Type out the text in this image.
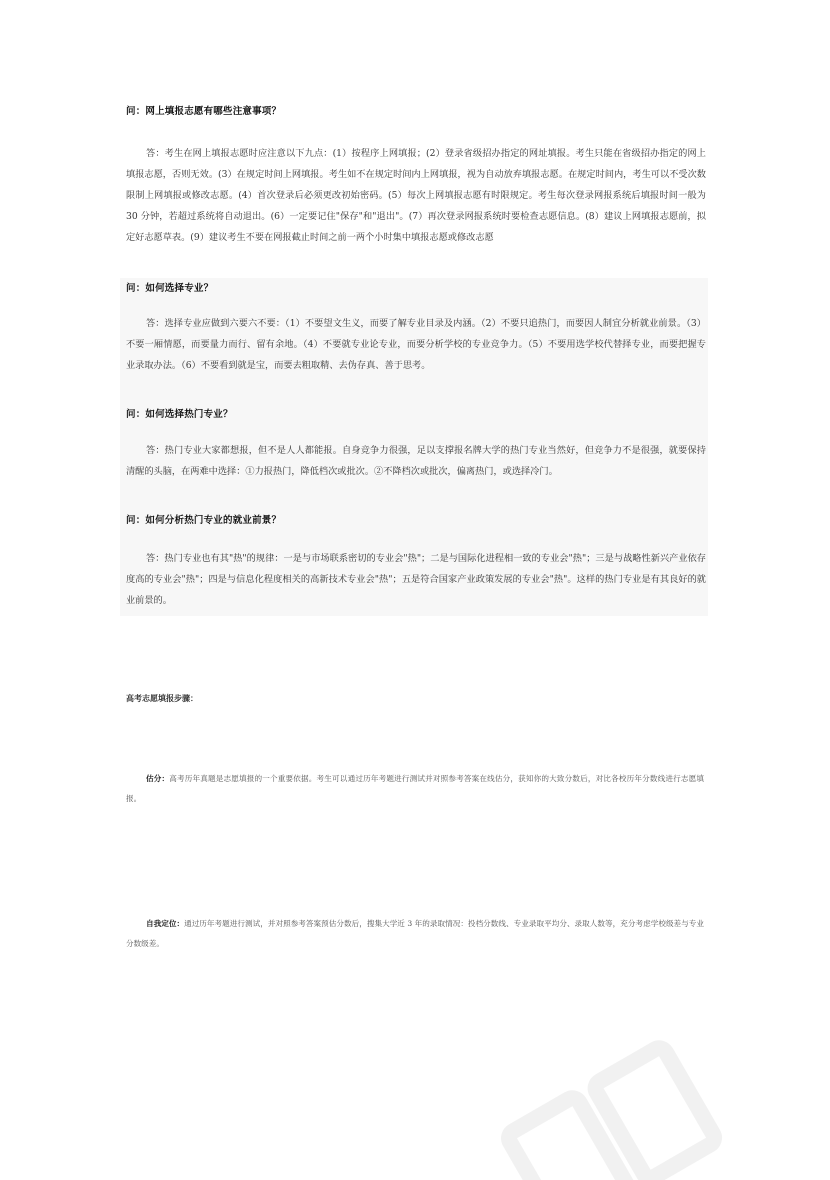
问：网上填报志愿有哪些注意事项？

答：考生在网上填报志愿时应注意以下九点：(1）按程序上网填报；(2）登录省级招办指定的网址填报。考生只能在省级招办指定的网上填报志愿，否则无效。(3）在规定时间上网填报。考生如不在规定时间内上网填报，视为自动放弃填报志愿。在规定时间内，考生可以不受次数限制上网填报或修改志愿。(4）首次登录后必须更改初始密码。(5）每次上网填报志愿有时限规定。考生每次登录网报系统后填报时间一般为 30 分钟，若超过系统将自动退出。(6）一定要记住"保存"和"退出"。(7）再次登录网报系统时要检查志愿信息。(8）建议上网填报志愿前，拟定好志愿草表。(9）建议考生不要在网报截止时间之前一两个小时集中填报志愿或修改志愿

问：如何选择专业？

答：选择专业应做到六要六不要：（1）不要望文生义，而要了解专业目录及内涵。（2）不要只追热门，而要因人制宜分析就业前景。（3）不要一厢情愿，而要量力而行、留有余地。（4）不要就专业论专业，而要分析学校的专业竞争力。（5）不要用选学校代替择专业，而要把握专业录取办法。（6）不要看到就是宝，而要去粗取精、去伪存真、善于思考。

问：如何选择热门专业？

答：热门专业大家都想报，但不是人人都能报。自身竞争力很强，足以支撑报名牌大学的热门专业当然好，但竞争力不是很强，就要保持清醒的头脑，在两难中选择：①力报热门，降低档次或批次。②不降档次或批次，偏离热门，或选择冷门。

问：如何分析热门专业的就业前景？

答：热门专业也有其"热"的规律：一是与市场联系密切的专业会"热"；二是与国际化进程相一致的专业会"热"；三是与战略性新兴产业依存度高的专业会"热"；四是与信息化程度相关的高新技术专业会"热"；五是符合国家产业政策发展的专业会"热"。这样的热门专业是有其良好的就业前景的。

高考志愿填报步骤：

估分：高考历年真题是志愿填报的一个重要依据。考生可以通过历年考题进行测试并对照参考答案在线估分，获知你的大致分数后，对比各校历年分数线进行志愿填报。

自我定位：通过历年考题进行测试，并对照参考答案预估分数后，搜集大学近 3 年的录取情况：投档分数线、专业录取平均分、录取人数等，充分考虑学校级差与专业分数级差。
